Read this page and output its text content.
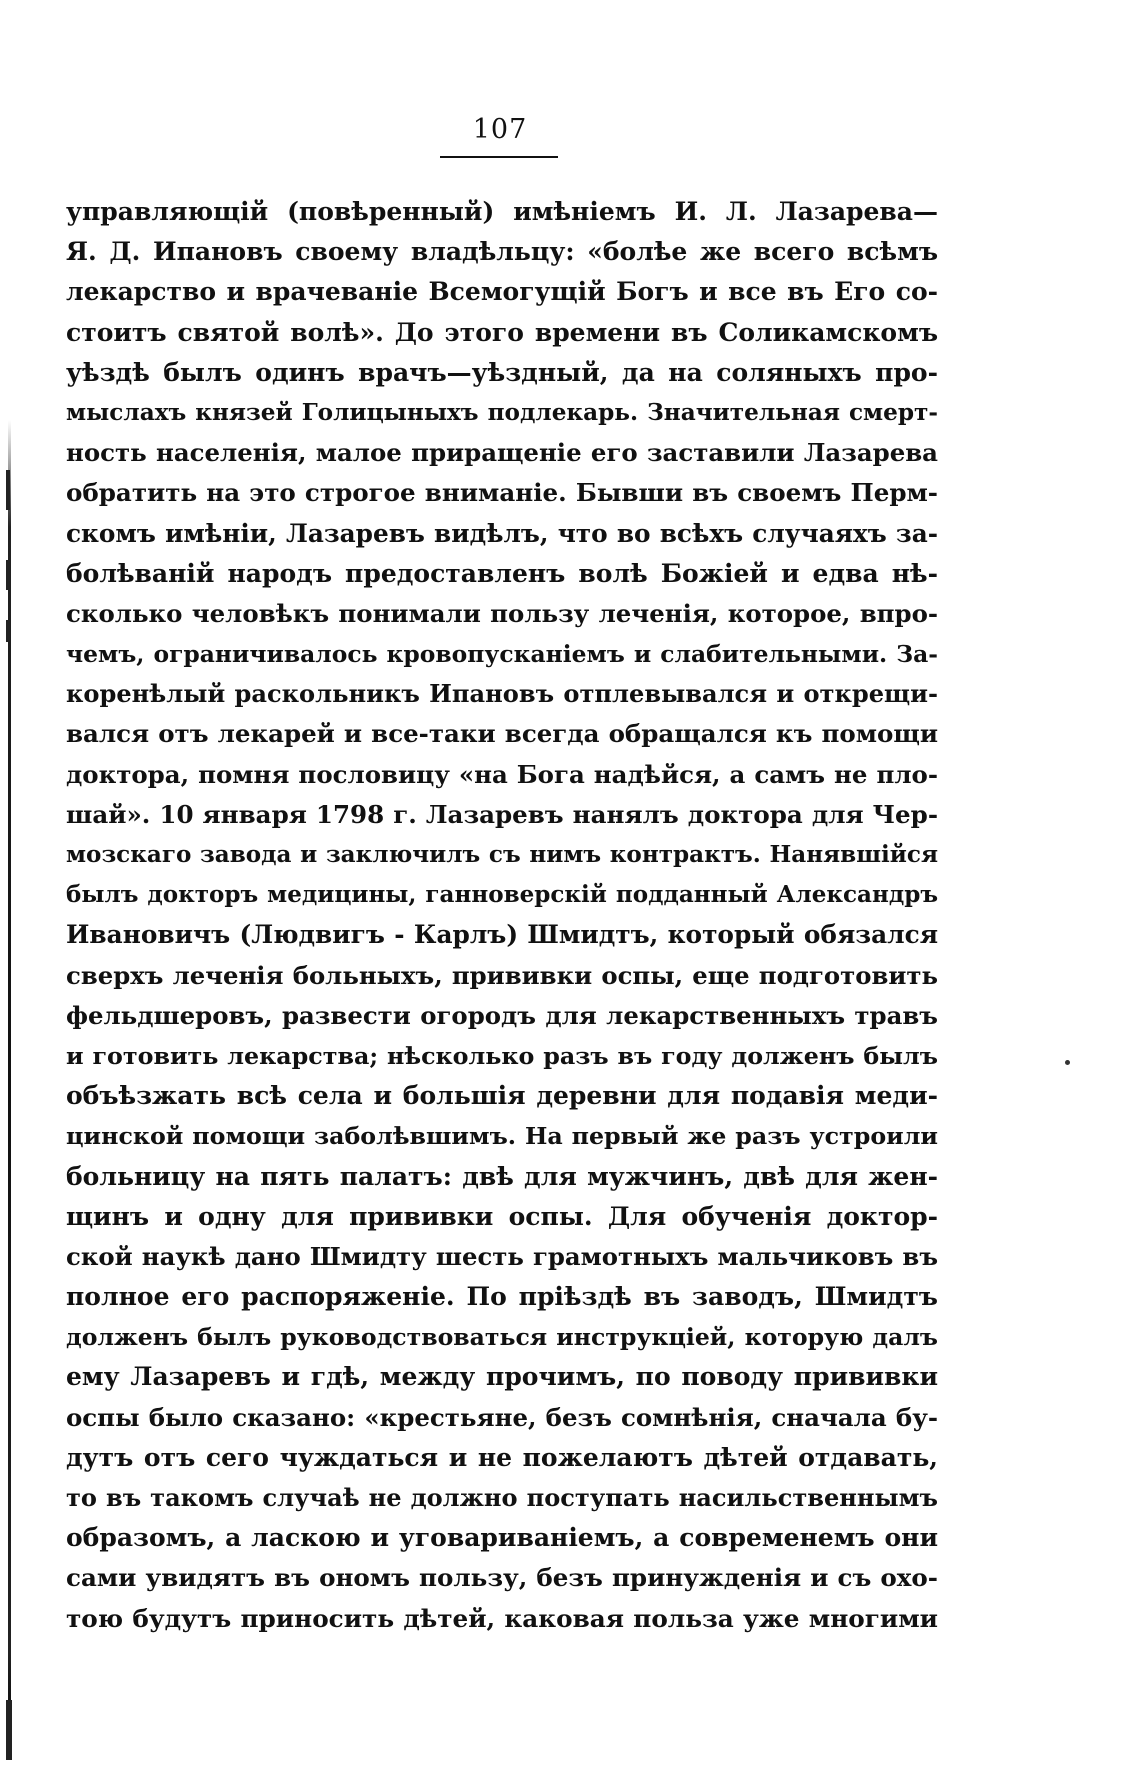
107
управляющій (повѣренный) имѣніемъ И. Л. Лазарева—
Я. Д. Ипановъ своему владѣльцу: «болѣе же всего всѣмъ
лекарство и врачеваніе Всемогущій Богъ и все въ Его со-
стоитъ святой волѣ». До этого времени въ Соликамскомъ
уѣздѣ былъ одинъ врачъ—уѣздный, да на соляныхъ про-
мыслахъ князей Голицыныхъ подлекарь. Значительная смерт-
ность населенія, малое приращеніе его заставили Лазарева
обратить на это строгое вниманіе. Бывши въ своемъ Перм-
скомъ имѣніи, Лазаревъ видѣлъ, что во всѣхъ случаяхъ за-
болѣваній народъ предоставленъ волѣ Божіей и едва нѣ-
сколько человѣкъ понимали пользу леченія, которое, впро-
чемъ, ограничивалось кровопусканіемъ и слабительными. За-
коренѣлый раскольникъ Ипановъ отплевывался и открещи-
вался отъ лекарей и все-таки всегда обращался къ помощи
доктора, помня пословицу «на Бога надѣйся, а самъ не пло-
шай». 10 января 1798 г. Лазаревъ нанялъ доктора для Чер-
мозскаго завода и заключилъ съ нимъ контрактъ. Нанявшійся
былъ докторъ медицины, ганноверскій подданный Александръ
Ивановичъ (Людвигъ - Карлъ) Шмидтъ, который обязался
сверхъ леченія больныхъ, прививки оспы, еще подготовить
фельдшеровъ, развести огородъ для лекарственныхъ травъ
и готовить лекарства; нѣсколько разъ въ году долженъ былъ
объѣзжать всѣ села и большія деревни для подавія меди-
цинской помощи заболѣвшимъ. На первый же разъ устроили
больницу на пять палатъ: двѣ для мужчинъ, двѣ для жен-
щинъ и одну для прививки оспы. Для обученія доктор-
ской наукѣ дано Шмидту шесть грамотныхъ мальчиковъ въ
полное его распоряженіе. По пріѣздѣ въ заводъ, Шмидтъ
долженъ былъ руководствоваться инструкціей, которую далъ
ему Лазаревъ и гдѣ, между прочимъ, по поводу прививки
оспы было сказано: «крестьяне, безъ сомнѣнія, сначала бу-
дутъ отъ сего чуждаться и не пожелаютъ дѣтей отдавать,
то въ такомъ случаѣ не должно поступать насильственнымъ
образомъ, а ласкою и уговариваніемъ, а современемъ они
сами увидятъ въ ономъ пользу, безъ принужденія и съ охо-
тою будутъ приносить дѣтей, каковая польза уже многими
